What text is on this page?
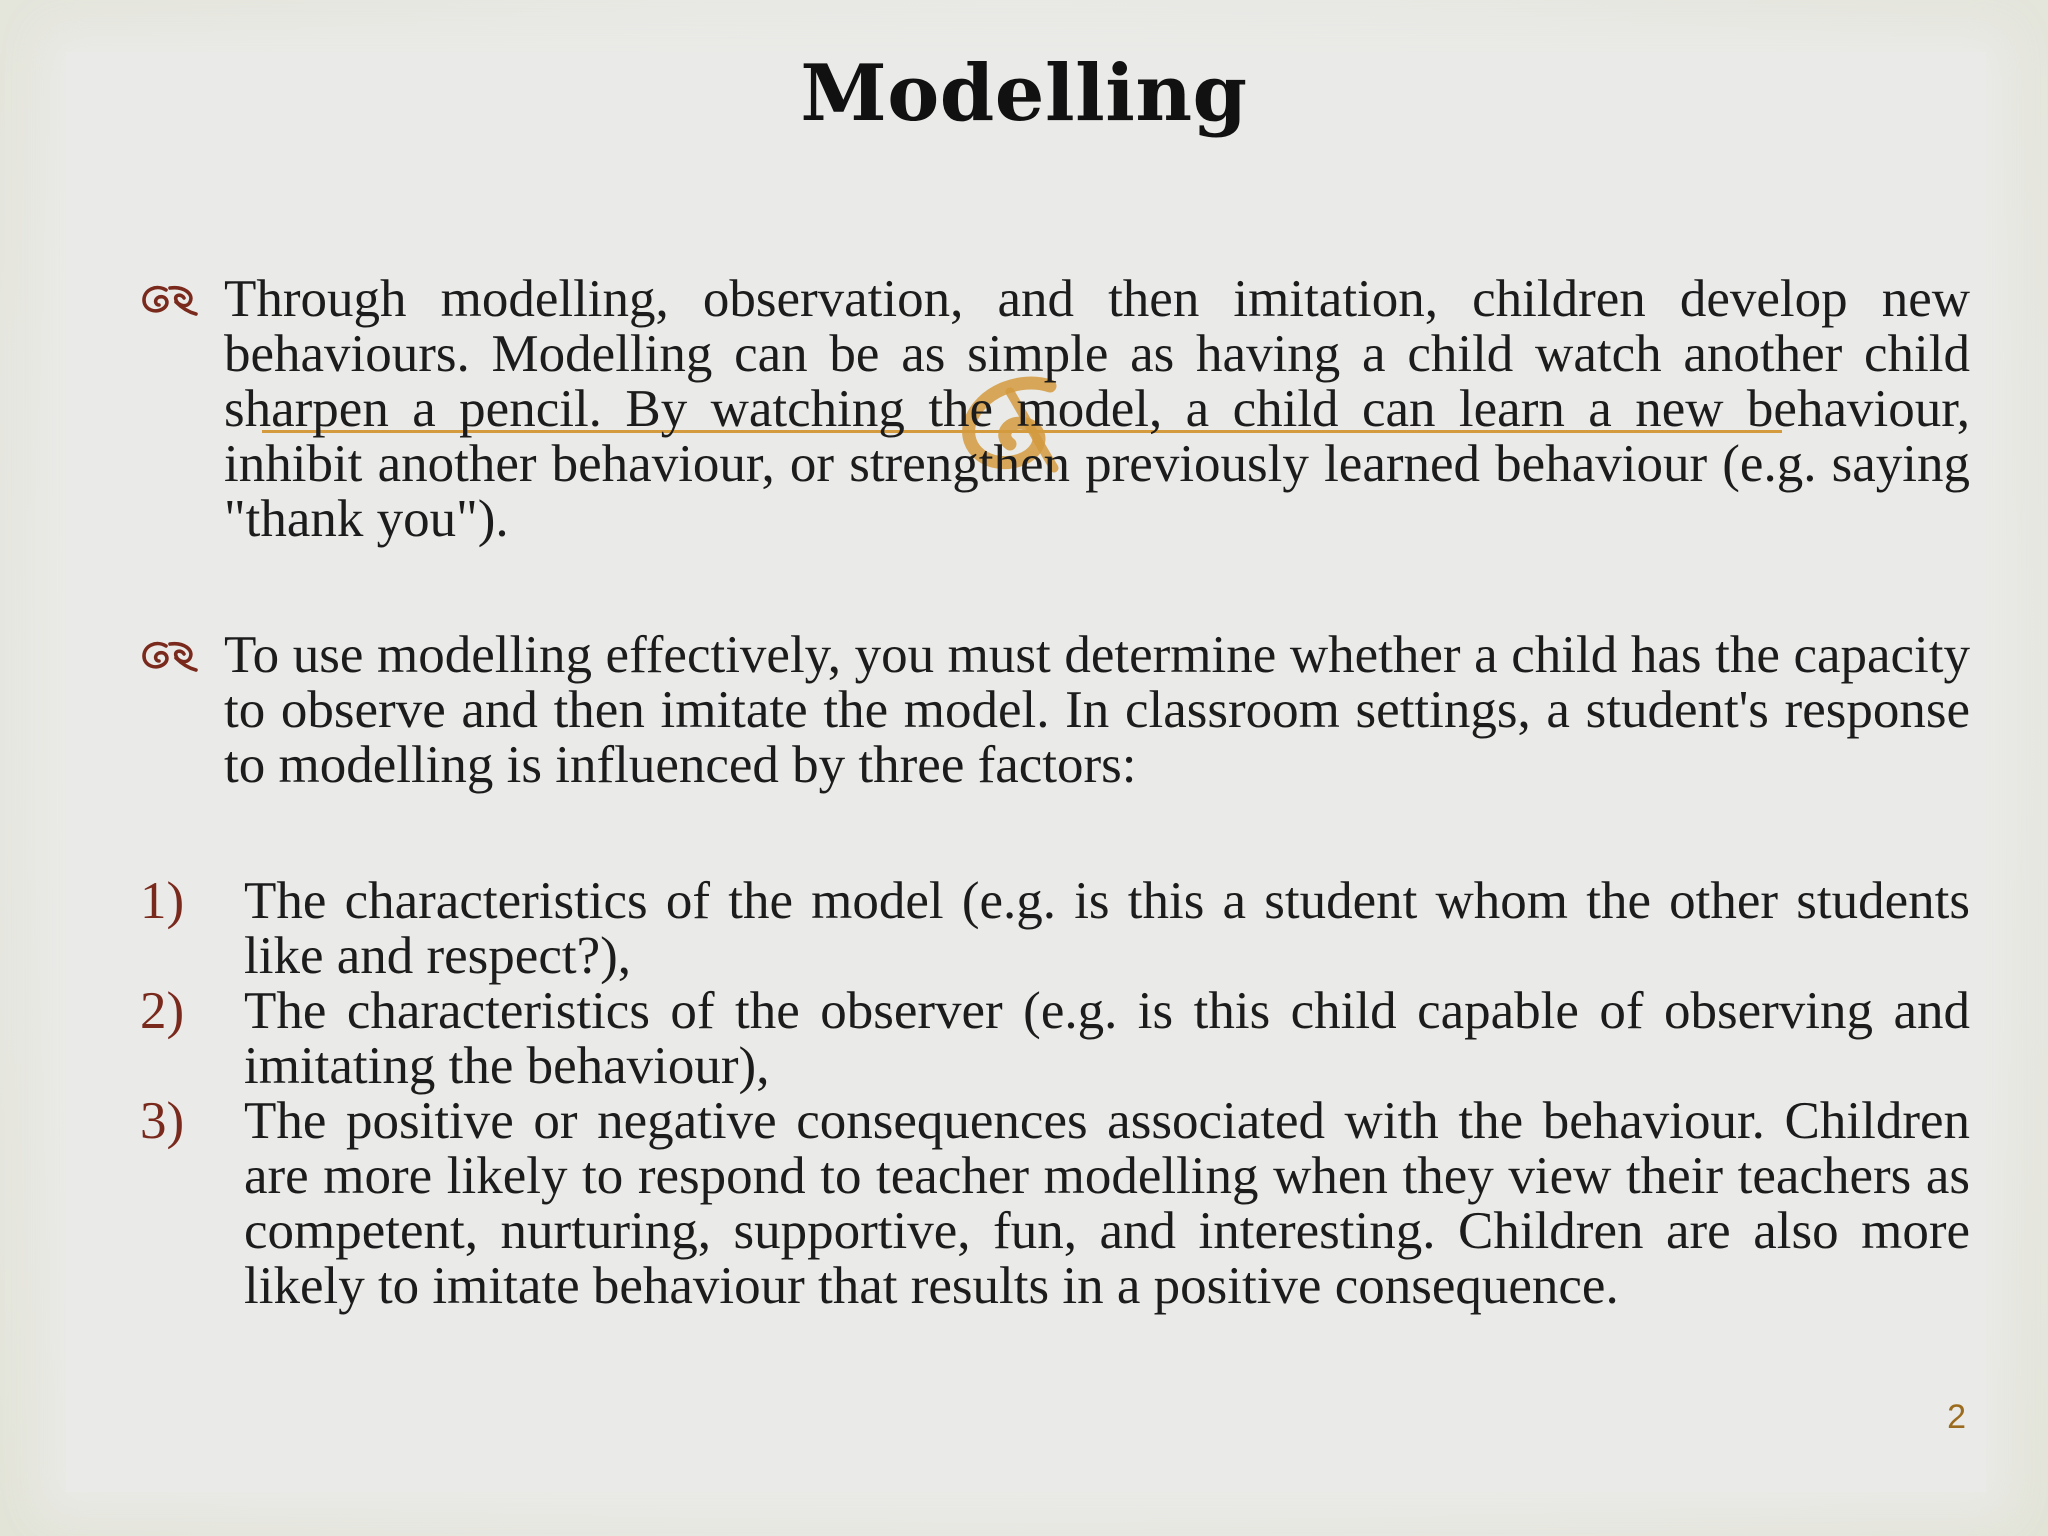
Modelling

Through modelling, observation, and then imitation, children develop new behaviours. Modelling can be as simple as having a child watch another child sharpen a pencil. By watching the model, a child can learn a new behaviour, inhibit another behaviour, or strengthen previously learned behaviour (e.g. saying "thank you").

To use modelling effectively, you must determine whether a child has the capacity to observe and then imitate the model. In classroom settings, a student's response to modelling is influenced by three factors:

1) The characteristics of the model (e.g. is this a student whom the other students like and respect?),

2) The characteristics of the observer (e.g. is this child capable of observing and imitating the behaviour),

3) The positive or negative consequences associated with the behaviour. Children are more likely to respond to teacher modelling when they view their teachers as competent, nurturing, supportive, fun, and interesting. Children are also more likely to imitate behaviour that results in a positive consequence.

2
